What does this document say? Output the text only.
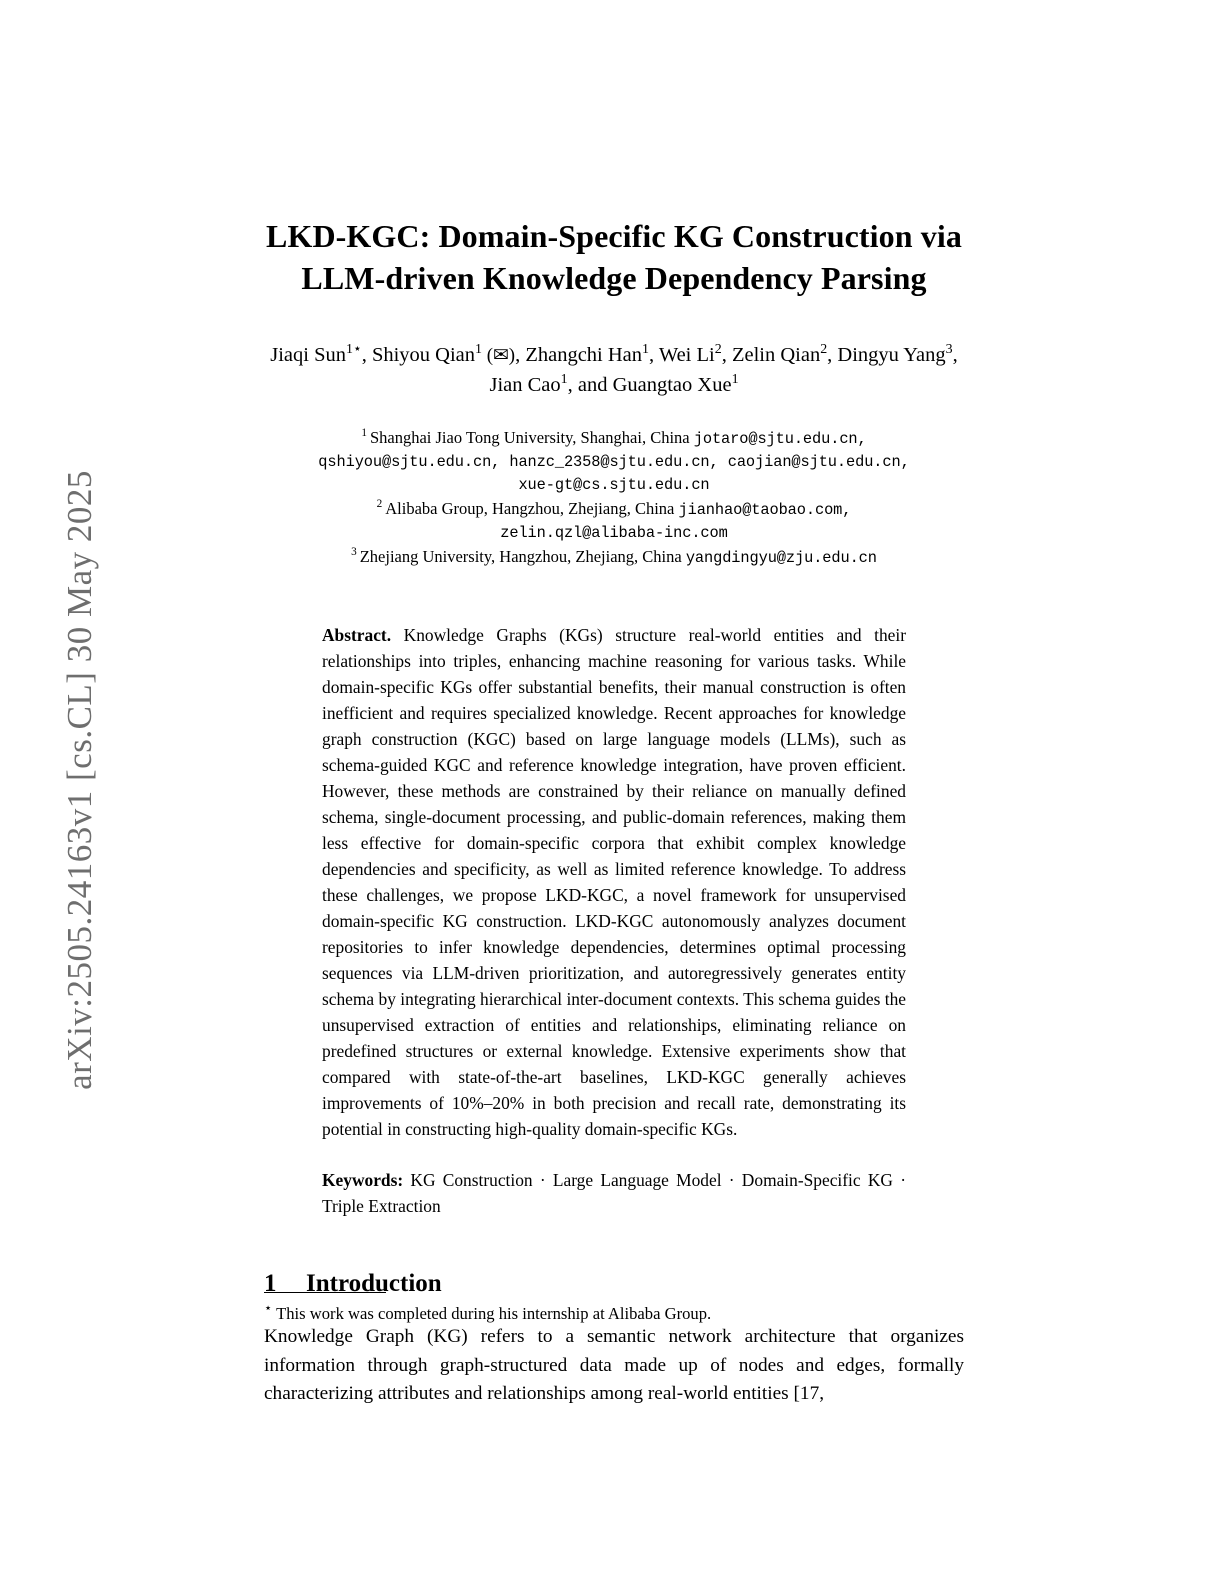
arXiv:2505.24163v1 [cs.CL] 30 May 2025
LKD-KGC: Domain-Specific KG Construction via
LLM-driven Knowledge Dependency Parsing
Jiaqi Sun$^{1⋆}$, Shiyou Qian$^1$ (✉), Zhangchi Han$^1$, Wei Li$^2$, Zelin Qian$^2$, Dingyu Yang$^3$, Jian Cao$^1$, and Guangtao Xue$^1$
$^1$ Shanghai Jiao Tong University, Shanghai, China jotaro@sjtu.edu.cn,
qshiyou@sjtu.edu.cn, hanzc_2358@sjtu.edu.cn, caojian@sjtu.edu.cn,
xue-gt@cs.sjtu.edu.cn
$^2$ Alibaba Group, Hangzhou, Zhejiang, China jianhao@taobao.com,
zelin.qzl@alibaba-inc.com
$^3$ Zhejiang University, Hangzhou, Zhejiang, China yangdingyu@zju.edu.cn

Abstract. Knowledge Graphs (KGs) structure real-world entities and their relationships into triples, enhancing machine reasoning for various tasks. While domain-specific KGs offer substantial benefits, their manual construction is often inefficient and requires specialized knowledge. Recent approaches for knowledge graph construction (KGC) based on large language models (LLMs), such as schema-guided KGC and reference knowledge integration, have proven efficient. However, these methods are constrained by their reliance on manually defined schema, single-document processing, and public-domain references, making them less effective for domain-specific corpora that exhibit complex knowledge dependencies and specificity, as well as limited reference knowledge. To address these challenges, we propose LKD-KGC, a novel framework for unsupervised domain-specific KG construction. LKD-KGC autonomously analyzes document repositories to infer knowledge dependencies, determines optimal processing sequences via LLM-driven prioritization, and autoregressively generates entity schema by integrating hierarchical inter-document contexts. This schema guides the unsupervised extraction of entities and relationships, eliminating reliance on predefined structures or external knowledge. Extensive experiments show that compared with state-of-the-art baselines, LKD-KGC generally achieves improvements of 10%–20% in both precision and recall rate, demonstrating its potential in constructing high-quality domain-specific KGs.

Keywords: KG Construction · Large Language Model · Domain-Specific KG · Triple Extraction

1 Introduction

Knowledge Graph (KG) refers to a semantic network architecture that organizes information through graph-structured data made up of nodes and edges, formally characterizing attributes and relationships among real-world entities [17,

⋆ This work was completed during his internship at Alibaba Group.
